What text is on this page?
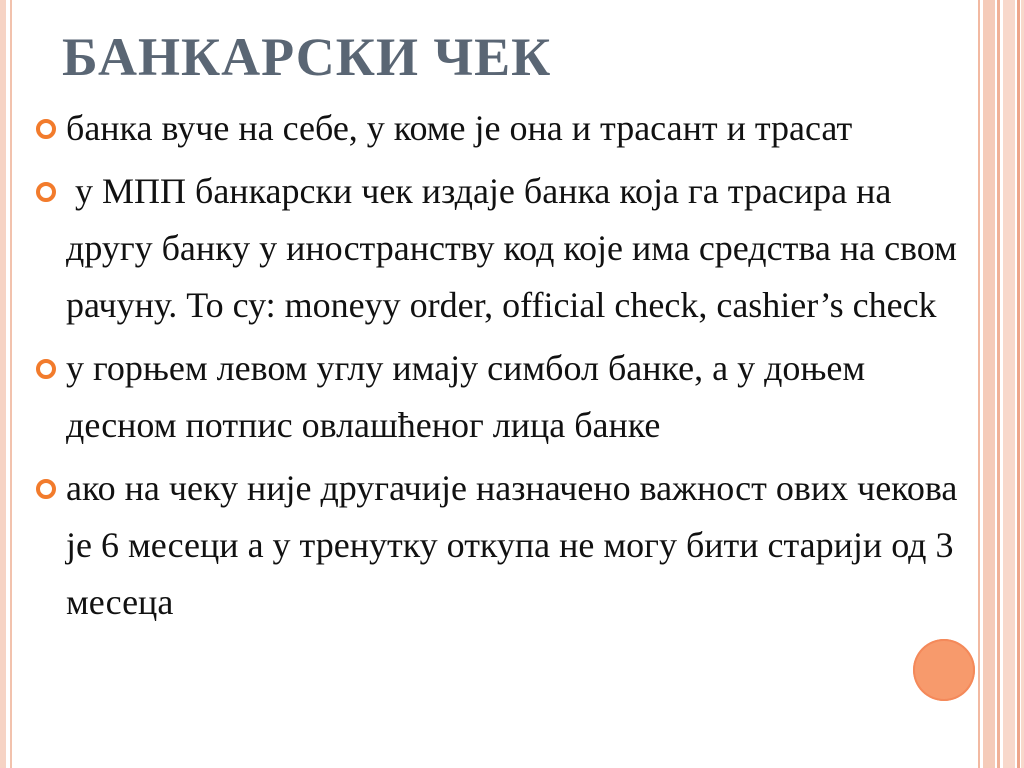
БАНКАРСКИ ЧЕК
банка вуче на себе, у коме је она и трасант и трасат
у МПП банкарски чек издаје банка која га трасира на другу банку у иностранству код које има средства на свом рачуну. То су: moneyy order, official check, cashier’s check
у горњем левом углу имају симбол банке, а у доњем десном потпис овлашћеног лица банке
ако на чеку није другачије назначено важност ових чекова је 6 месеци а у тренутку откупа не могу бити старији од 3 месеца
